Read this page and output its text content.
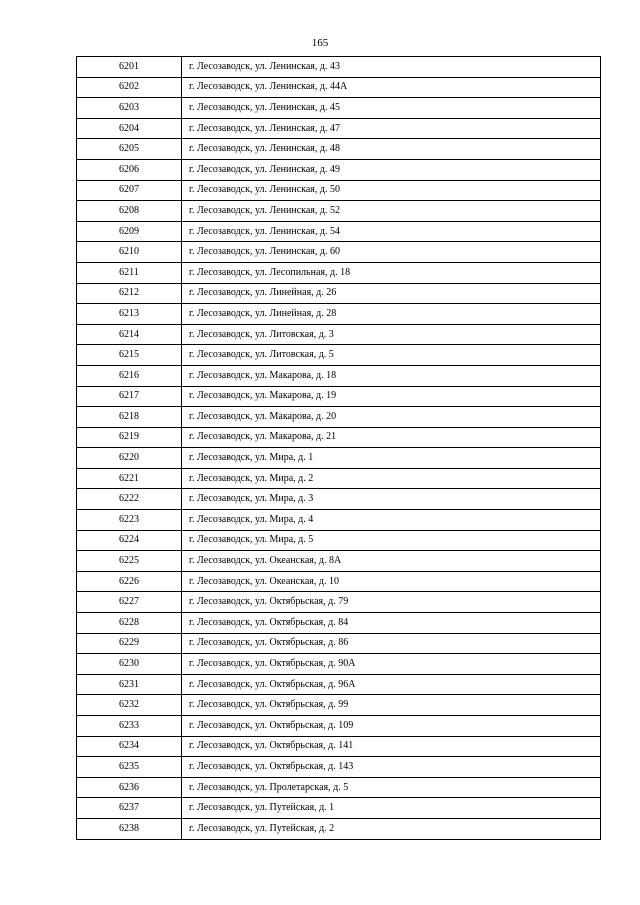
165
6201	г. Лесозаводск, ул. Ленинская, д. 43
6202	г. Лесозаводск, ул. Ленинская, д. 44А
6203	г. Лесозаводск, ул. Ленинская, д. 45
6204	г. Лесозаводск, ул. Ленинская, д. 47
6205	г. Лесозаводск, ул. Ленинская, д. 48
6206	г. Лесозаводск, ул. Ленинская, д. 49
6207	г. Лесозаводск, ул. Ленинская, д. 50
6208	г. Лесозаводск, ул. Ленинская, д. 52
6209	г. Лесозаводск, ул. Ленинская, д. 54
6210	г. Лесозаводск, ул. Ленинская, д. 60
6211	г. Лесозаводск, ул. Лесопильная, д. 18
6212	г. Лесозаводск, ул. Линейная, д. 26
6213	г. Лесозаводск, ул. Линейная, д. 28
6214	г. Лесозаводск, ул. Литовская, д. 3
6215	г. Лесозаводск, ул. Литовская, д. 5
6216	г. Лесозаводск, ул. Макарова, д. 18
6217	г. Лесозаводск, ул. Макарова, д. 19
6218	г. Лесозаводск, ул. Макарова, д. 20
6219	г. Лесозаводск, ул. Макарова, д. 21
6220	г. Лесозаводск, ул. Мира, д. 1
6221	г. Лесозаводск, ул. Мира, д. 2
6222	г. Лесозаводск, ул. Мира, д. 3
6223	г. Лесозаводск, ул. Мира, д. 4
6224	г. Лесозаводск, ул. Мира, д. 5
6225	г. Лесозаводск, ул. Океанская, д. 8А
6226	г. Лесозаводск, ул. Океанская, д. 10
6227	г. Лесозаводск, ул. Октябрьская, д. 79
6228	г. Лесозаводск, ул. Октябрьская, д. 84
6229	г. Лесозаводск, ул. Октябрьская, д. 86
6230	г. Лесозаводск, ул. Октябрьская, д. 90А
6231	г. Лесозаводск, ул. Октябрьская, д. 96А
6232	г. Лесозаводск, ул. Октябрьская, д. 99
6233	г. Лесозаводск, ул. Октябрьская, д. 109
6234	г. Лесозаводск, ул. Октябрьская, д. 141
6235	г. Лесозаводск, ул. Октябрьская, д. 143
6236	г. Лесозаводск, ул. Пролетарская, д. 5
6237	г. Лесозаводск, ул. Путейская, д. 1
6238	г. Лесозаводск, ул. Путейская, д. 2
